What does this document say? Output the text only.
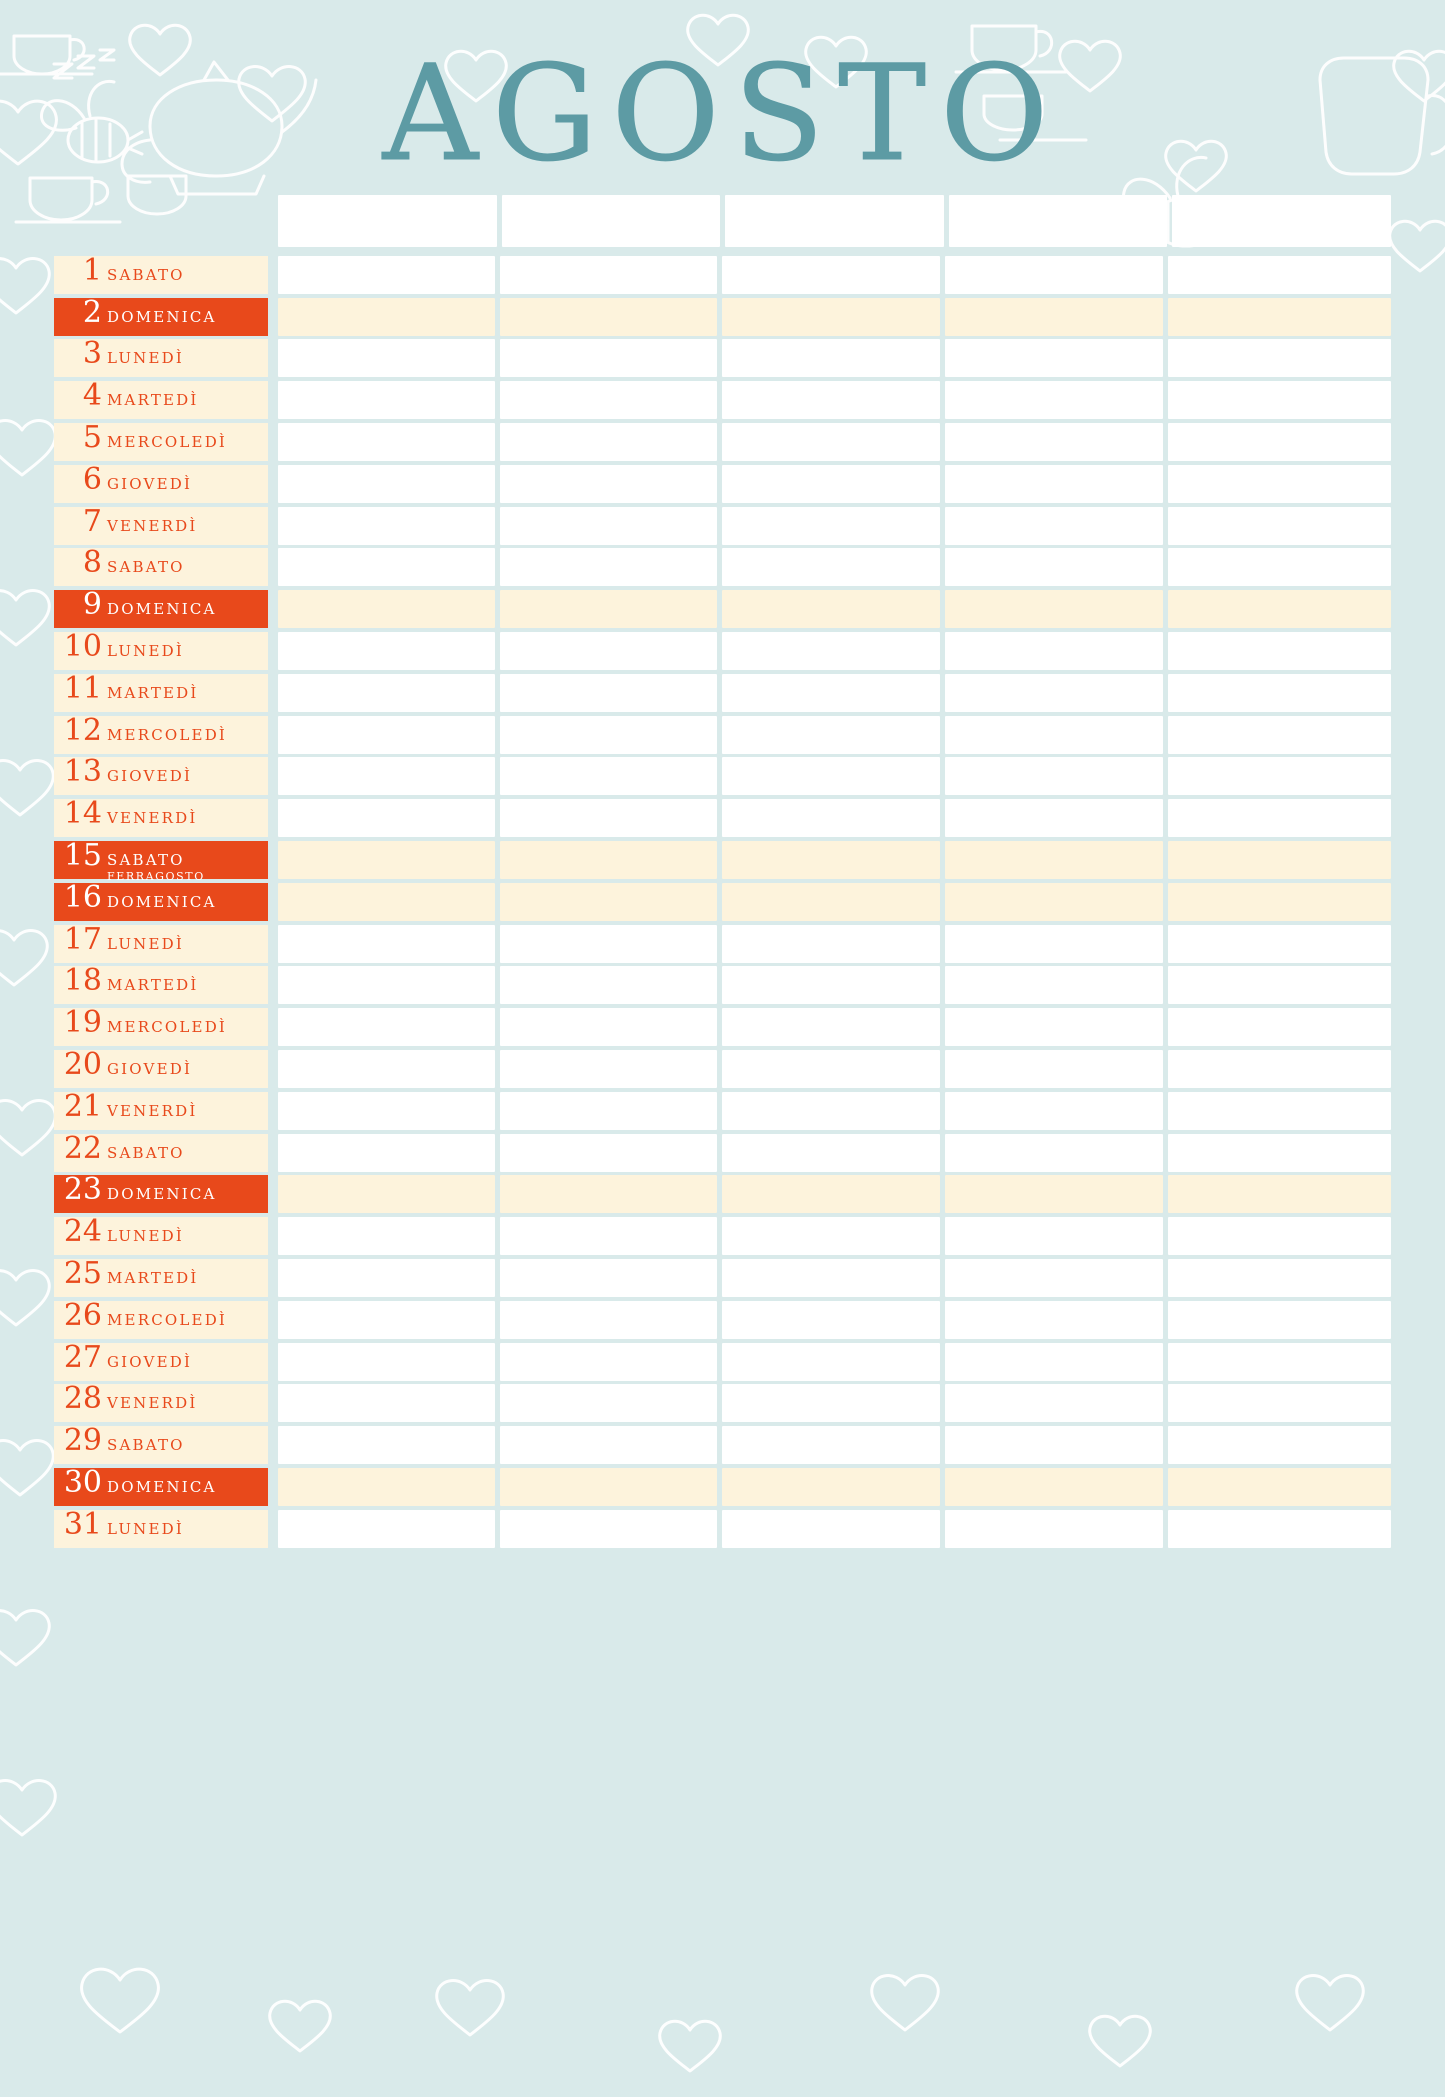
AGOSTO
1 SABATO					

2 DOMENICA					

3 LUNEDÌ					

4 MARTEDÌ					

5 MERCOLEDÌ					

6 GIOVEDÌ					

7 VENERDÌ					

8 SABATO					

9 DOMENICA					

10 LUNEDÌ					

11 MARTEDÌ					

12 MERCOLEDÌ					

13 GIOVEDÌ					

14 VENERDÌ					

15 SABATO
FERRAGOSTO					

16 DOMENICA					

17 LUNEDÌ					

18 MARTEDÌ					

19 MERCOLEDÌ					

20 GIOVEDÌ					

21 VENERDÌ					

22 SABATO					

23 DOMENICA					

24 LUNEDÌ					

25 MARTEDÌ					

26 MERCOLEDÌ					

27 GIOVEDÌ					

28 VENERDÌ					

29 SABATO					

30 DOMENICA					

31 LUNEDÌ					
